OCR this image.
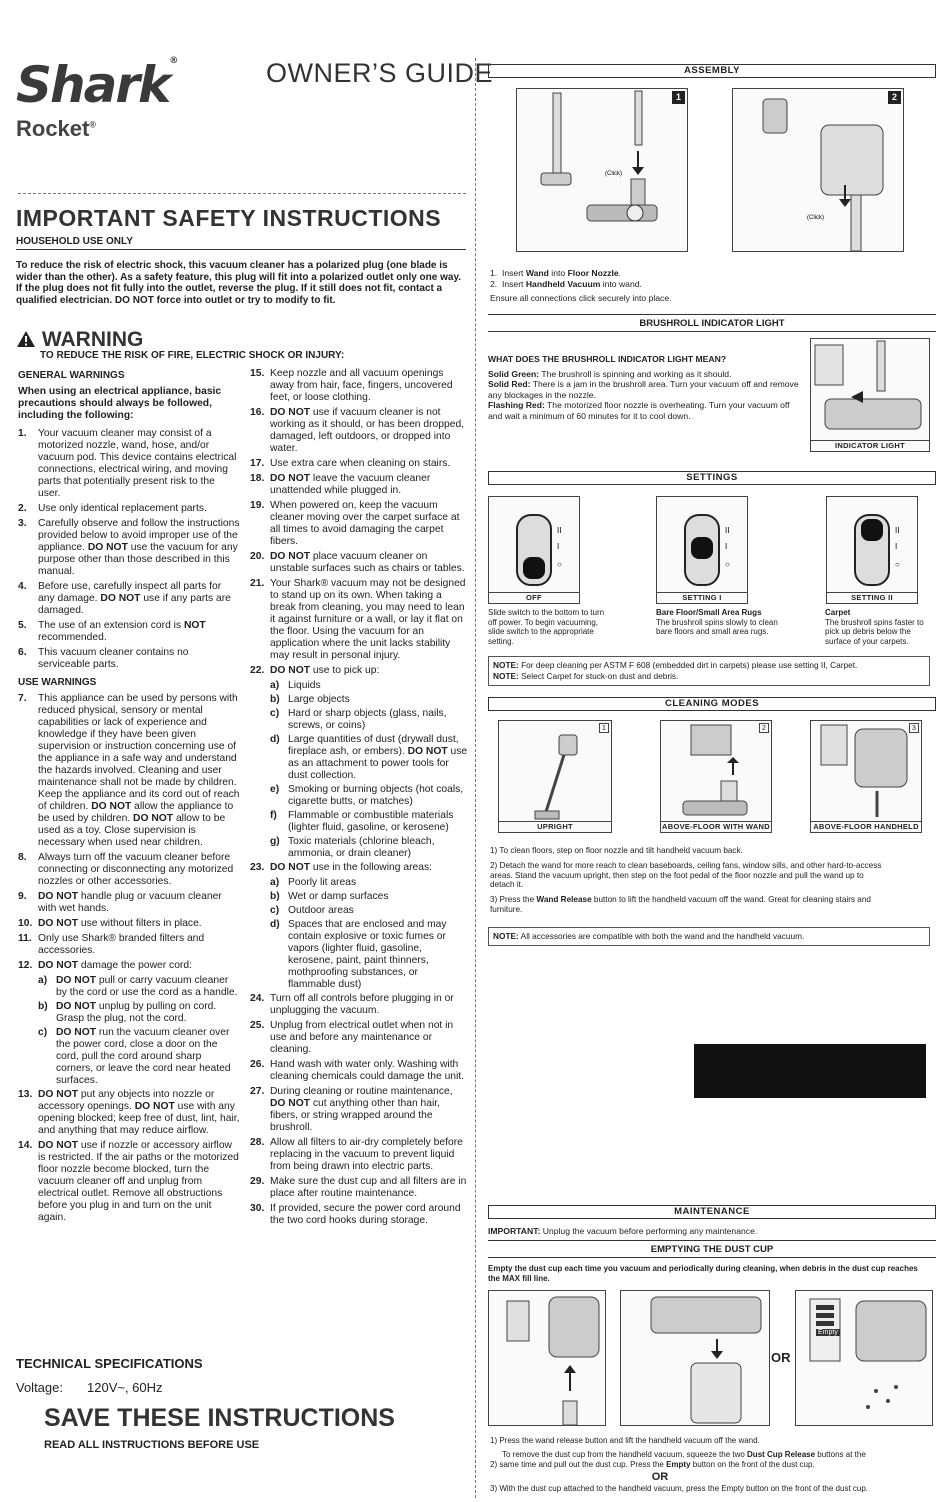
Shark®
Rocket®
OWNER’S GUIDE
IMPORTANT SAFETY INSTRUCTIONS
HOUSEHOLD USE ONLY
To reduce the risk of electric shock, this vacuum cleaner has a polarized plug (one blade is wider than the other). As a safety feature, this plug will fit into a polarized outlet only one way. If the plug does not fit fully into the outlet, reverse the plug. If it still does not fit, contact a qualified electrician. DO NOT force into outlet or try to modify to fit.
WARNING
TO REDUCE THE RISK OF FIRE, ELECTRIC SHOCK OR INJURY:
GENERAL WARNINGS
When using an electrical appliance, basic precautions should always be followed, including the following:
1.	Your vacuum cleaner may consist of a motorized nozzle, wand, hose, and/or vacuum pod. This device contains electrical connections, electrical wiring, and moving parts that potentially present risk to the user.
2.	Use only identical replacement parts.
3.	Carefully observe and follow the instructions provided below to avoid improper use of the appliance. DO NOT use the vacuum for any purpose other than those described in this manual.
4.	Before use, carefully inspect all parts for any damage. DO NOT use if any parts are damaged.
5.	The use of an extension cord is NOT recommended.
6.	This vacuum cleaner contains no serviceable parts.
USE WARNINGS
7.	This appliance can be used by persons with reduced physical, sensory or mental capabilities or lack of experience and knowledge if they have been given supervision or instruction concerning use of the appliance in a safe way and understand the hazards involved. Cleaning and user maintenance shall not be made by children. Keep the appliance and its cord out of reach of children. DO NOT allow the appliance to be used by children. DO NOT allow to be used as a toy. Close supervision is necessary when used near children.
8.	Always turn off the vacuum cleaner before connecting or disconnecting any motorized nozzles or other accessories.
9.	DO NOT handle plug or vacuum cleaner with wet hands.
10. DO NOT use without filters in place.
11. Only use Shark® branded filters and accessories.
12. DO NOT damage the power cord:
a) DO NOT pull or carry vacuum cleaner by the cord or use the cord as a handle.
b) DO NOT unplug by pulling on cord. Grasp the plug, not the cord.
c) DO NOT run the vacuum cleaner over the power cord, close a door on the cord, pull the cord around sharp corners, or leave the cord near heated surfaces.
13. DO NOT put any objects into nozzle or accessory openings. DO NOT use with any opening blocked; keep free of dust, lint, hair, and anything that may reduce airflow.
14. DO NOT use if nozzle or accessory airflow is restricted. If the air paths or the motorized floor nozzle become blocked, turn the vacuum cleaner off and unplug from electrical outlet. Remove all obstructions before you plug in and turn on the unit again.
15. Keep nozzle and all vacuum openings away from hair, face, fingers, uncovered feet, or loose clothing.
16. DO NOT use if vacuum cleaner is not working as it should, or has been dropped, damaged, left outdoors, or dropped into water.
17. Use extra care when cleaning on stairs.
18. DO NOT leave the vacuum cleaner unattended while plugged in.
19. When powered on, keep the vacuum cleaner moving over the carpet surface at all times to avoid damaging the carpet fibers.
20. DO NOT place vacuum cleaner on unstable surfaces such as chairs or tables.
21. Your Shark® vacuum may not be designed to stand up on its own. When taking a break from cleaning, you may need to lean it against furniture or a wall, or lay it flat on the floor. Using the vacuum for an application where the unit lacks stability may result in personal injury.
22. DO NOT use to pick up:
a) Liquids
b) Large objects
c) Hard or sharp objects (glass, nails, screws, or coins)
d) Large quantities of dust (drywall dust, fireplace ash, or embers). DO NOT use as an attachment to power tools for dust collection.
e) Smoking or burning objects (hot coals, cigarette butts, or matches)
f)	Flammable or combustible materials (lighter fluid, gasoline, or kerosene)
g) Toxic materials (chlorine bleach, ammonia, or drain cleaner)
23. DO NOT use in the following areas:
a) Poorly lit areas
b) Wet or damp surfaces
c) Outdoor areas
d) Spaces that are enclosed and may contain explosive or toxic fumes or vapors (lighter fluid, gasoline, kerosene, paint, paint thinners, mothproofing substances, or flammable dust)
24. Turn off all controls before plugging in or unplugging the vacuum.
25. Unplug from electrical outlet when not in use and before any maintenance or cleaning.
26. Hand wash with water only. Washing with cleaning chemicals could damage the unit.
27. During cleaning or routine maintenance, DO NOT cut anything other than hair, fibers, or string wrapped around the brushroll.
28. Allow all filters to air-dry completely before replacing in the vacuum to prevent liquid from being drawn into electric parts.
29. Make sure the dust cup and all filters are in place after routine maintenance.
30. If provided, secure the power cord around the two cord hooks during storage.
TECHNICAL SPECIFICATIONS
Voltage: 120V~, 60Hz
SAVE THESE INSTRUCTIONS
READ ALL INSTRUCTIONS BEFORE USE
ASSEMBLY
1
(Click)
2
(Click)
1.  Insert Wand into Floor Nozzle.
2.  Insert Handheld Vacuum into wand.
Ensure all connections click securely into place.
BRUSHROLL INDICATOR LIGHT
WHAT DOES THE BRUSHROLL INDICATOR LIGHT MEAN?
Solid Green: The brushroll is spinning and working as it should.
Solid Red: There is a jam in the brushroll area. Turn your vacuum off and remove any blockages in the nozzle.
Flashing Red: The motorized floor nozzle is overheating. Turn your vacuum off and wait a minimum of 60 minutes for it to cool down.
INDICATOR LIGHT
SETTINGS
II
I
○
OFF
Slide switch to the bottom to turn off power. To begin vacuuming, slide switch to the appropriate setting.
II
I
○
SETTING I
Bare Floor/Small Area Rugs
The brushroll spins slowly to clean bare floors and small area rugs.
II
I
○
SETTING II
Carpet
The brushroll spins faster to pick up debris below the surface of your carpets.
NOTE: For deep cleaning per ASTM F 608 (embedded dirt in carpets) please use setting II, Carpet.
NOTE: Select Carpet for stuck-on dust and debris.
CLEANING MODES
1
UPRIGHT
2
ABOVE-FLOOR WITH WAND
3
ABOVE-FLOOR HANDHELD
1) To clean floors, step on floor nozzle and tilt handheld vacuum back.
2) Detach the wand for more reach to clean baseboards, ceiling fans, window sills, and other hard-to-access areas. Stand the vacuum upright, then step on the foot pedal of the floor nozzle and pull the wand up to detach it.
3) Press the Wand Release button to lift the handheld vacuum off the wand. Great for cleaning stairs and furniture.
NOTE: All accessories are compatible with both the wand and the handheld vacuum.
MAINTENANCE
IMPORTANT: Unplug the vacuum before performing any maintenance.
EMPTYING THE DUST CUP
Empty the dust cup each time you vacuum and periodically during cleaning, when debris in the dust cup reaches the MAX fill line.
OR
Empty
1) Press the wand release button and lift the handheld vacuum off the wand.
To remove the dust cup from the handheld vacuum, squeeze the two Dust Cup Release buttons at the
2) same time and pull out the dust cup. Press the Empty button on the front of the dust cup.
OR
3) With the dust cup attached to the handheld vacuum, press the Empty button on the front of the dust cup.
